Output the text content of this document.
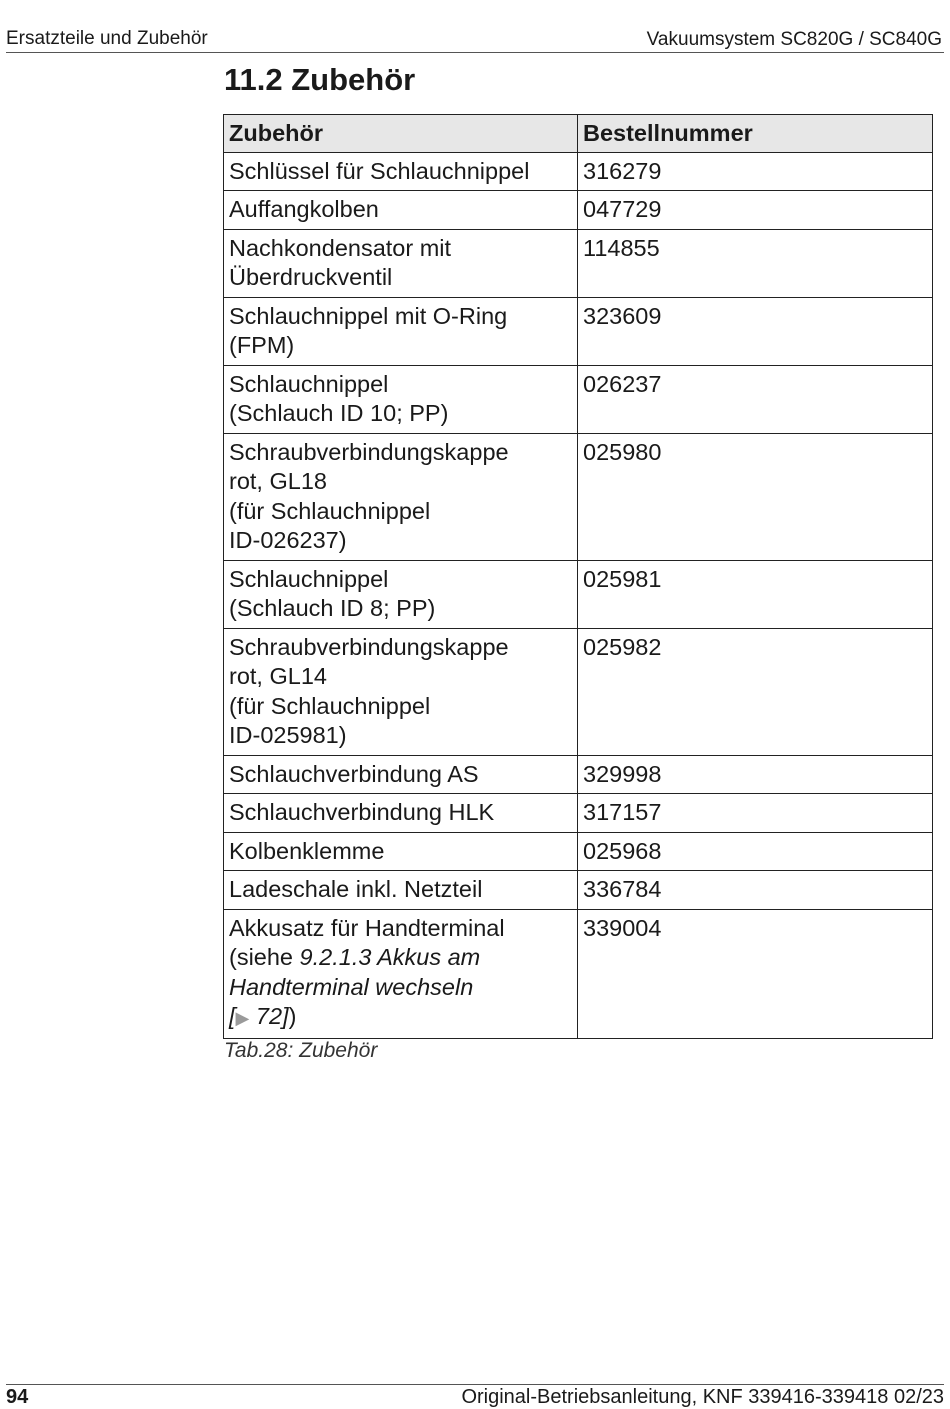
Ersatzteile und Zubehör	Vakuumsystem SC820G / SC840G
11.2 Zubehör
Zubehör	Bestellnummer

Schlüssel für Schlauchnippel	316279

Auffangkolben	047729

Nachkondensator mit
Überdruckventil	114855

Schlauchnippel mit O-Ring
(FPM)	323609

Schlauchnippel
(Schlauch ID 10; PP)	026237

Schraubverbindungskappe
rot, GL18
(für Schlauchnippel
ID-026237)	025980

Schlauchnippel
(Schlauch ID 8; PP)	025981

Schraubverbindungskappe
rot, GL14
(für Schlauchnippel
ID-025981)	025982

Schlauchverbindung AS	329998

Schlauchverbindung HLK	317157

Kolbenklemme	025968

Ladeschale inkl. Netzteil	336784

Akkusatz für Handterminal
(siehe 9.2.1.3 Akkus am
Handterminal wechseln
[▶ 72])	339004
Tab.28: Zubehör
94	Original-Betriebsanleitung, KNF 339416-339418 02/23
